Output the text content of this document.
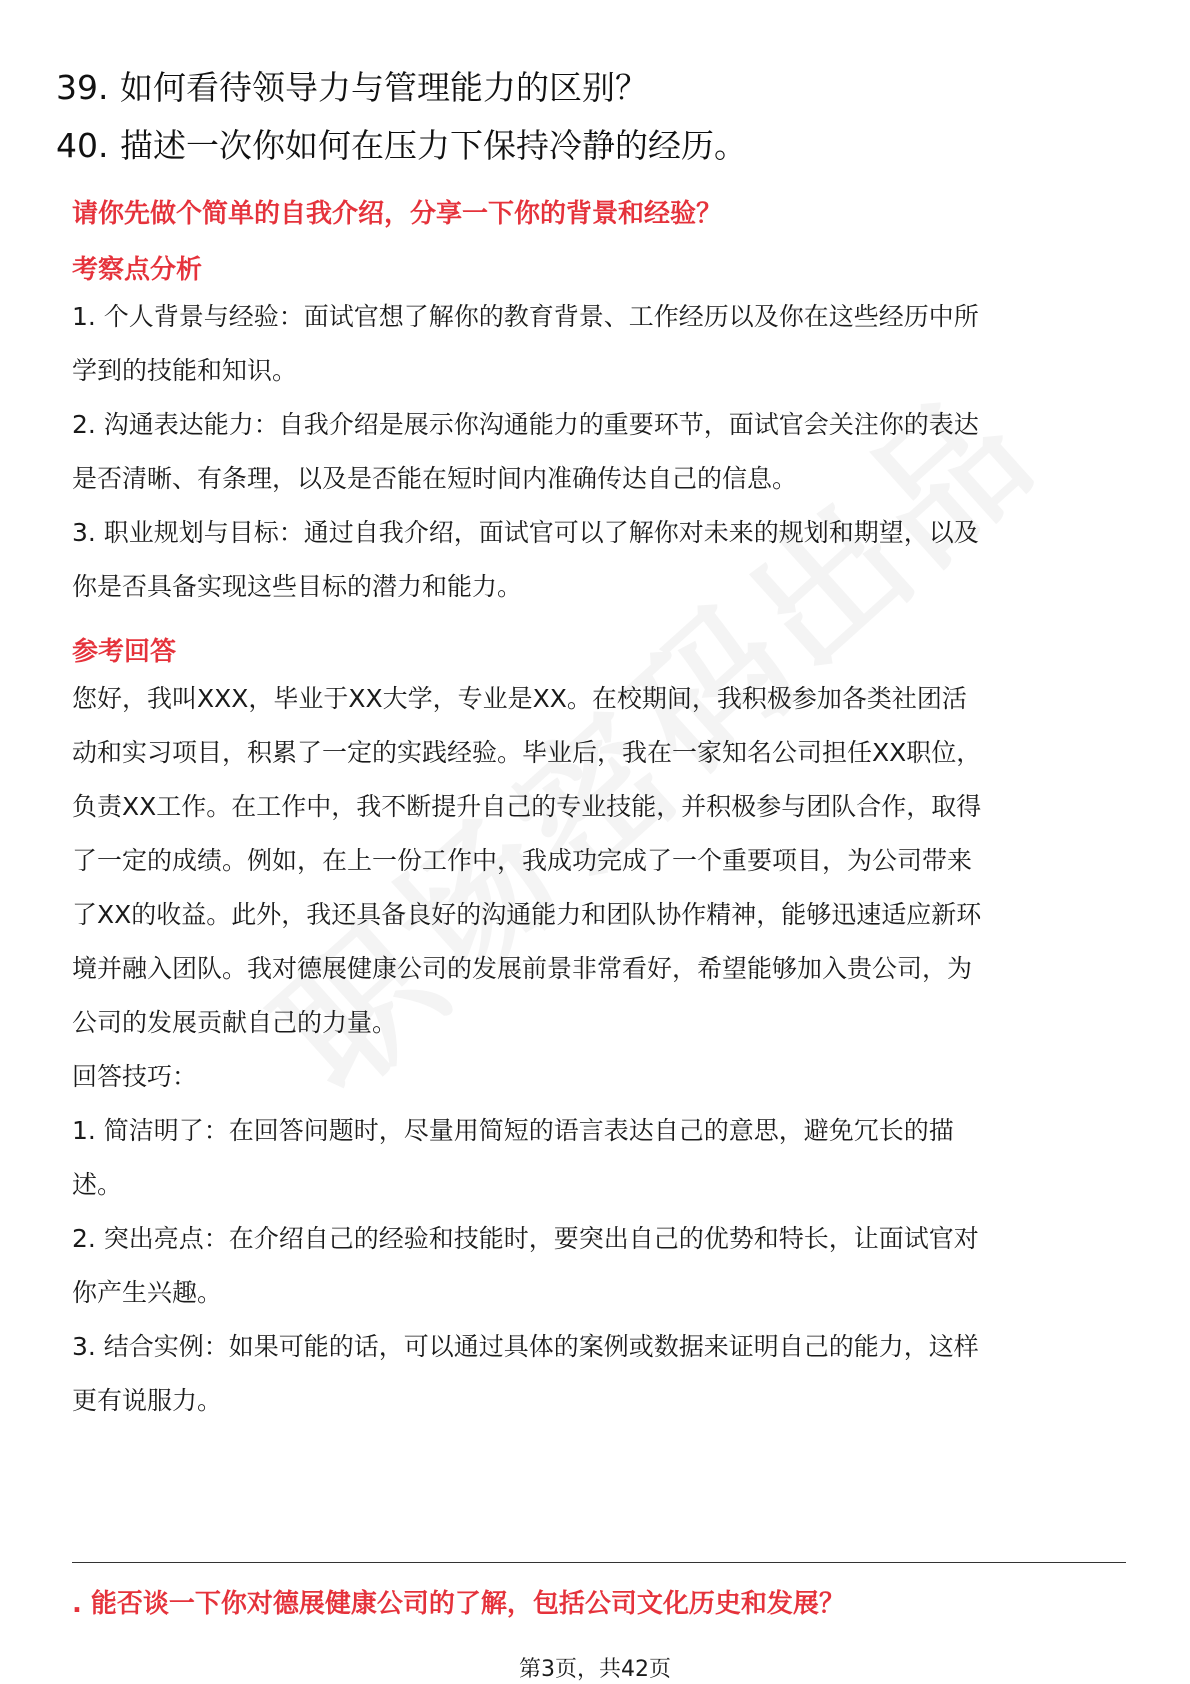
39. 如何看待领导力与管理能力的区别？
40. 描述一次你如何在压力下保持冷静的经历。
请你先做个简单的自我介绍，分享一下你的背景和经验？
考察点分析
1. 个人背景与经验：面试官想了解你的教育背景、工作经历以及你在这些经历中所
学到的技能和知识。
2. 沟通表达能力：自我介绍是展示你沟通能力的重要环节，面试官会关注你的表达
是否清晰、有条理，以及是否能在短时间内准确传达自己的信息。
3. 职业规划与目标：通过自我介绍，面试官可以了解你对未来的规划和期望，以及
你是否具备实现这些目标的潜力和能力。
参考回答
您好，我叫XXX，毕业于XX大学，专业是XX。在校期间，我积极参加各类社团活
动和实习项目，积累了一定的实践经验。毕业后，我在一家知名公司担任XX职位，
负责XX工作。在工作中，我不断提升自己的专业技能，并积极参与团队合作，取得
了一定的成绩。例如，在上一份工作中，我成功完成了一个重要项目，为公司带来
了XX的收益。此外，我还具备良好的沟通能力和团队协作精神，能够迅速适应新环
境并融入团队。我对德展健康公司的发展前景非常看好，希望能够加入贵公司，为
公司的发展贡献自己的力量。
回答技巧：
1. 简洁明了：在回答问题时，尽量用简短的语言表达自己的意思，避免冗长的描
述。
2. 突出亮点：在介绍自己的经验和技能时，要突出自己的优势和特长，让面试官对
你产生兴趣。
3. 结合实例：如果可能的话，可以通过具体的案例或数据来证明自己的能力，这样
更有说服力。
. 能否谈一下你对德展健康公司的了解，包括公司文化历史和发展？
第3页，共42页
